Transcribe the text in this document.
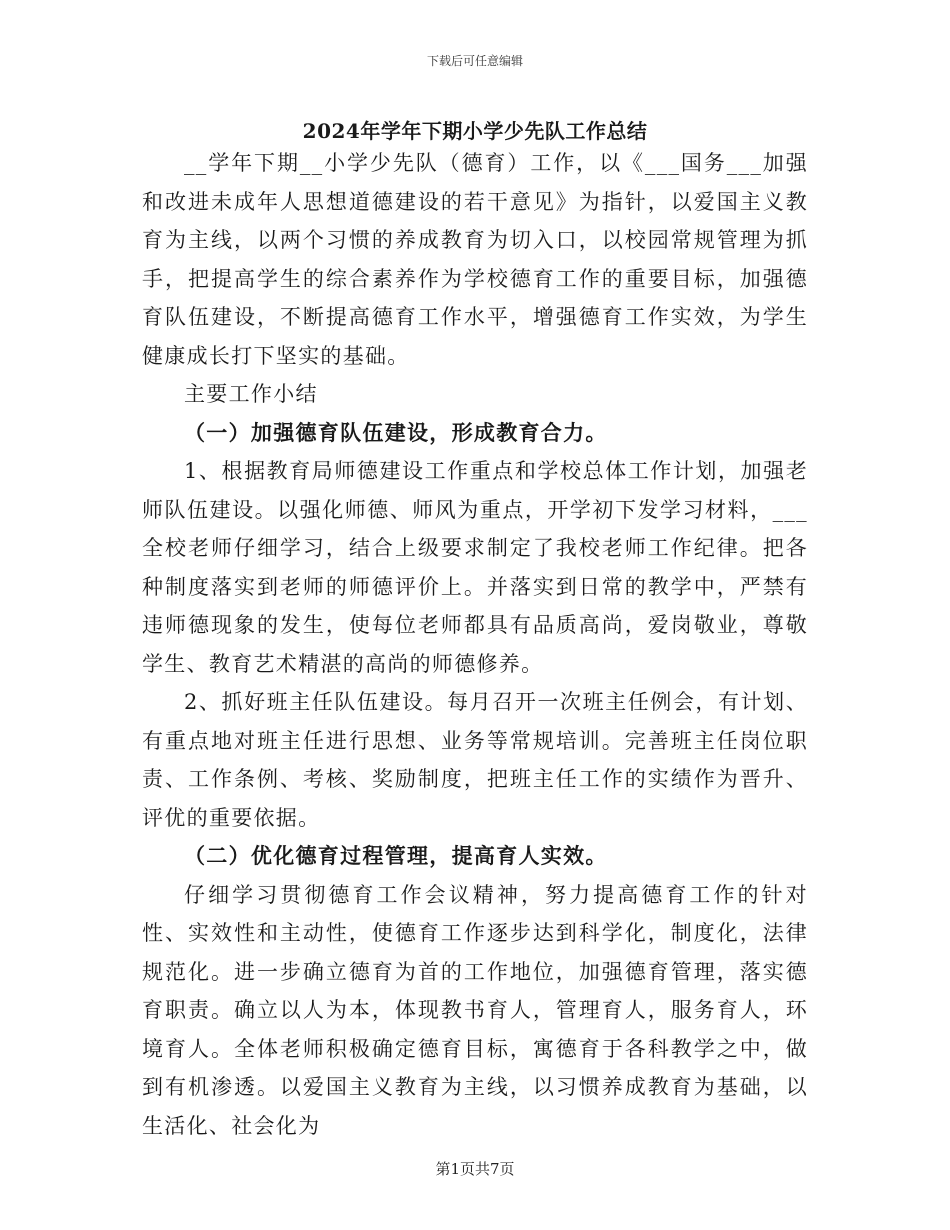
下载后可任意编辑
2024年学年下期小学少先队工作总结

__学年下期__小学少先队（德育）工作，以《___国务___加强和改进未成年人思想道德建设的若干意见》为指针，以爱国主义教育为主线，以两个习惯的养成教育为切入口，以校园常规管理为抓手，把提高学生的综合素养作为学校德育工作的重要目标，加强德育队伍建设，不断提高德育工作水平，增强德育工作实效，为学生健康成长打下坚实的基础。

主要工作小结

（一）加强德育队伍建设，形成教育合力。

1、根据教育局师德建设工作重点和学校总体工作计划，加强老师队伍建设。以强化师德、师风为重点，开学初下发学习材料，___全校老师仔细学习，结合上级要求制定了我校老师工作纪律。把各种制度落实到老师的师德评价上。并落实到日常的教学中，严禁有违师德现象的发生，使每位老师都具有品质高尚，爱岗敬业，尊敬学生、教育艺术精湛的高尚的师德修养。

2、抓好班主任队伍建设。每月召开一次班主任例会，有计划、有重点地对班主任进行思想、业务等常规培训。完善班主任岗位职责、工作条例、考核、奖励制度，把班主任工作的实绩作为晋升、评优的重要依据。

（二）优化德育过程管理，提高育人实效。

仔细学习贯彻德育工作会议精神，努力提高德育工作的针对性、实效性和主动性，使德育工作逐步达到科学化，制度化，法律规范化。进一步确立德育为首的工作地位，加强德育管理，落实德育职责。确立以人为本，体现教书育人，管理育人，服务育人，环境育人。全体老师积极确定德育目标，寓德育于各科教学之中，做到有机渗透。以爱国主义教育为主线，以习惯养成教育为基础，以生活化、社会化为

第1页共7页
